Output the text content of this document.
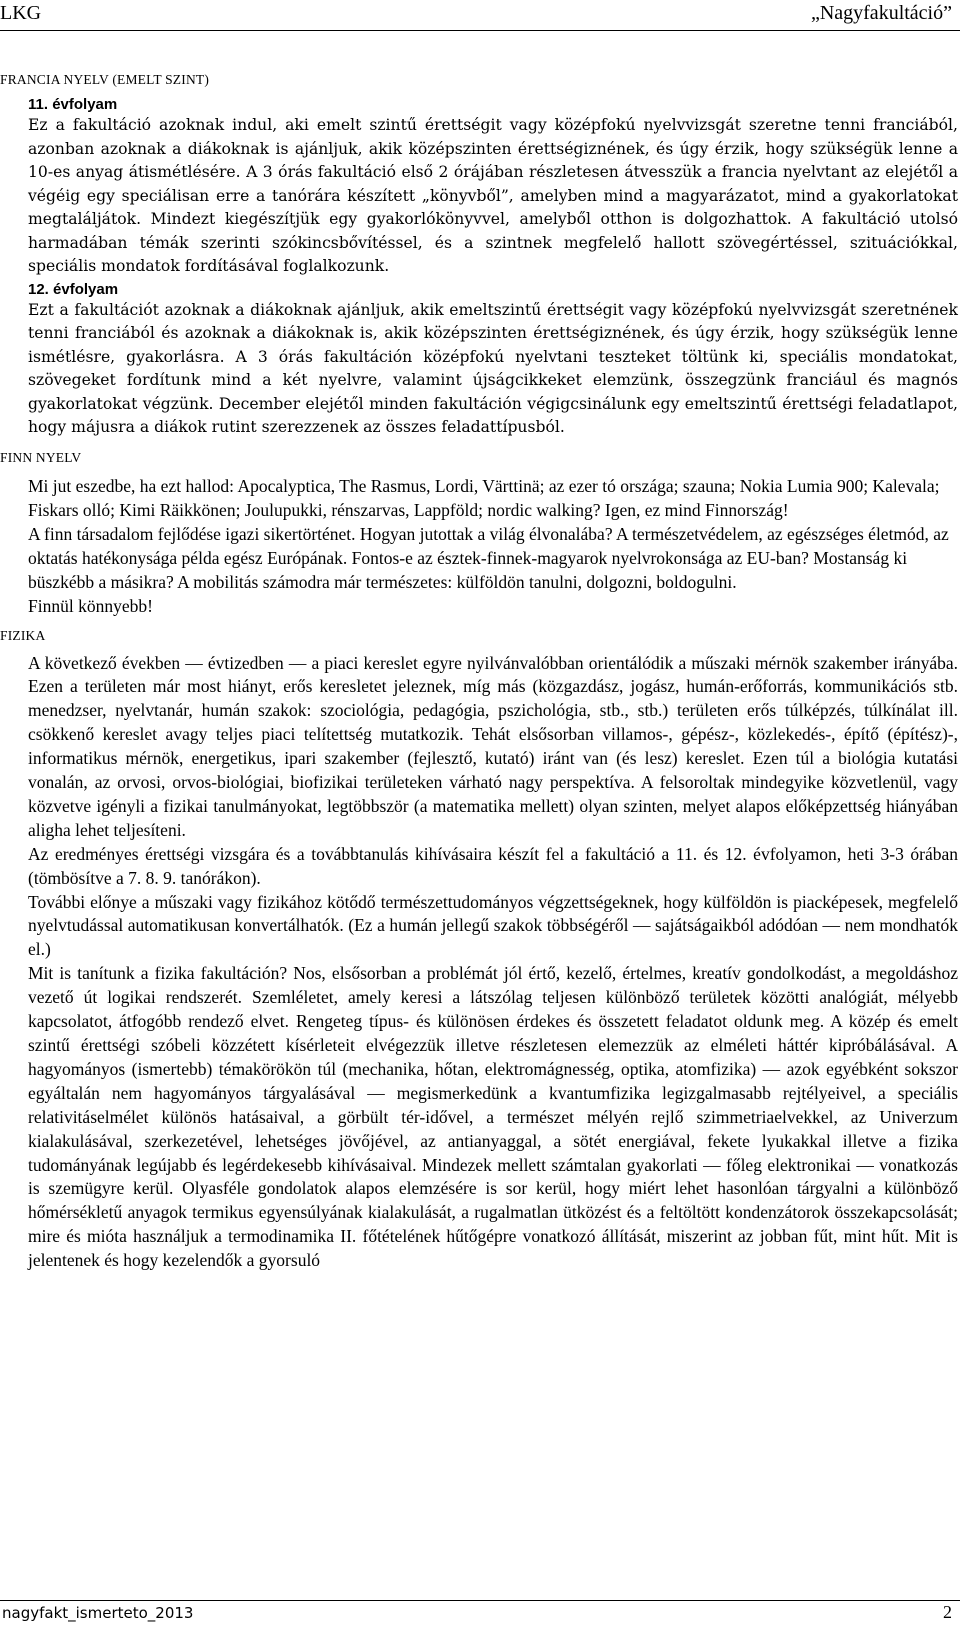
LKG	„Nagyfakultáció”
FRANCIA NYELV (EMELT SZINT)
11. évfolyam

Ez a fakultáció azoknak indul, aki emelt szintű érettségit vagy középfokú nyelvvizsgát szeretne tenni franciából, azonban azoknak a diákoknak is ajánljuk, akik középszinten érettségiznének, és úgy érzik, hogy szükségük lenne a 10-es anyag átismétlésére. A 3 órás fakultáció első 2 órájában részletesen átvesszük a francia nyelvtant az elejétől a végéig egy speciálisan erre a tanórára készített „könyvből”, amelyben mind a magyarázatot, mind a gyakorlatokat megtaláljátok. Mindezt kiegészítjük egy gyakorlókönyvvel, amelyből otthon is dolgozhattok. A fakultáció utolsó harmadában témák szerinti szókincsbővítéssel, és a szintnek megfelelő hallott szövegértéssel, szituációkkal, speciális mondatok fordításával foglalkozunk.

12. évfolyam

Ezt a fakultációt azoknak a diákoknak ajánljuk, akik emeltszintű érettségit vagy középfokú nyelvvizsgát szeretnének tenni franciából és azoknak a diákoknak is, akik középszinten érettségiznének, és úgy érzik, hogy szükségük lenne ismétlésre, gyakorlásra. A 3 órás fakultáción középfokú nyelvtani teszteket töltünk ki, speciális mondatokat, szövegeket fordítunk mind a két nyelvre, valamint újságcikkeket elemzünk, összegzünk franciául és magnós gyakorlatokat végzünk. December elejétől minden fakultáción végigcsinálunk egy emeltszintű érettségi feladatlapot, hogy májusra a diákok rutint szerezzenek az összes feladattípusból.

FINN NYELV

Mi jut eszedbe, ha ezt hallod: Apocalyptica, The Rasmus, Lordi, Värttinä; az ezer tó országa; szauna; Nokia Lumia 900; Kalevala; Fiskars olló; Kimi Räikkönen; Joulupukki, rénszarvas, Lappföld; nordic walking? Igen, ez mind Finnország!

A finn társadalom fejlődése igazi sikertörténet. Hogyan jutottak a világ élvonalába? A természetvédelem, az egészséges életmód, az oktatás hatékonysága példa egész Európának. Fontos-e az észtek-finnek-magyarok nyelvrokonsága az EU-ban? Mostanság ki büszkébb a másikra? A mobilitás számodra már természetes: külföldön tanulni, dolgozni, boldogulni.

Finnül könnyebb!

FIZIKA

A következő években — évtizedben — a piaci kereslet egyre nyilvánvalóbban orientálódik a műszaki mérnök szakember irányába. Ezen a területen már most hiányt, erős keresletet jeleznek, míg más (közgazdász, jogász, humán-erőforrás, kommunikációs stb. menedzser, nyelvtanár, humán szakok: szociológia, pedagógia, pszichológia, stb., stb.) területen erős túlképzés, túlkínálat ill. csökkenő kereslet avagy teljes piaci telítettség mutatkozik. Tehát elsősorban villamos-, gépész-, közlekedés-, építő (építész)-, informatikus mérnök, energetikus, ipari szakember (fejlesztő, kutató) iránt van (és lesz) kereslet. Ezen túl a biológia kutatási vonalán, az orvosi, orvos-biológiai, biofizikai területeken várható nagy perspektíva. A felsoroltak mindegyike közvetlenül, vagy közvetve igényli a fizikai tanulmányokat, legtöbbször (a matematika mellett) olyan szinten, melyet alapos előképzettség hiányában aligha lehet teljesíteni.

Az eredményes érettségi vizsgára és a továbbtanulás kihívásaira készít fel a fakultáció a 11. és 12. évfolyamon, heti 3-3 órában (tömbösítve a 7. 8. 9. tanórákon).

További előnye a műszaki vagy fizikához kötődő természettudományos végzettségeknek, hogy külföldön is piacképesek, megfelelő nyelvtudással automatikusan konvertálhatók. (Ez a humán jellegű szakok többségéről — sajátságaikból adódóan — nem mondhatók el.)

Mit is tanítunk a fizika fakultáción? Nos, elsősorban a problémát jól értő, kezelő, értelmes, kreatív gondolkodást, a megoldáshoz vezető út logikai rendszerét. Szemléletet, amely keresi a látszólag teljesen különböző területek közötti analógiát, mélyebb kapcsolatot, átfogóbb rendező elvet. Rengeteg típus- és különösen érdekes és összetett feladatot oldunk meg. A közép és emelt szintű érettségi szóbeli közzétett kísérleteit elvégezzük illetve részletesen elemezzük az elméleti háttér kipróbálásával. A hagyományos (ismertebb) témakörökön túl (mechanika, hőtan, elektromágnesség, optika, atomfizika) — azok egyébként sokszor egyáltalán nem hagyományos tárgyalásával — megismerkedünk a kvantumfizika legizgalmasabb rejtélyeivel, a speciális relativitáselmélet különös hatásaival, a görbült tér-idővel, a természet mélyén rejlő szimmetriaelvekkel, az Univerzum kialakulásával, szerkezetével, lehetséges jövőjével, az antianyaggal, a sötét energiával, fekete lyukakkal illetve a fizika tudományának legújabb és legérdekesebb kihívásaival. Mindezek mellett számtalan gyakorlati — főleg elektronikai — vonatkozás is szemügyre kerül. Olyasféle gondolatok alapos elemzésére is sor kerül, hogy miért lehet hasonlóan tárgyalni a különböző hőmérsékletű anyagok termikus egyensúlyának kialakulását, a rugalmatlan ütközést és a feltöltött kondenzátorok összekapcsolását; mire és mióta használjuk a termodinamika II. főtételének hűtőgépre vonatkozó állítását, miszerint az jobban fűt, mint hűt. Mit is jelentenek és hogy kezelendők a gyorsuló

nagyfakt_ismerteto_2013	2
